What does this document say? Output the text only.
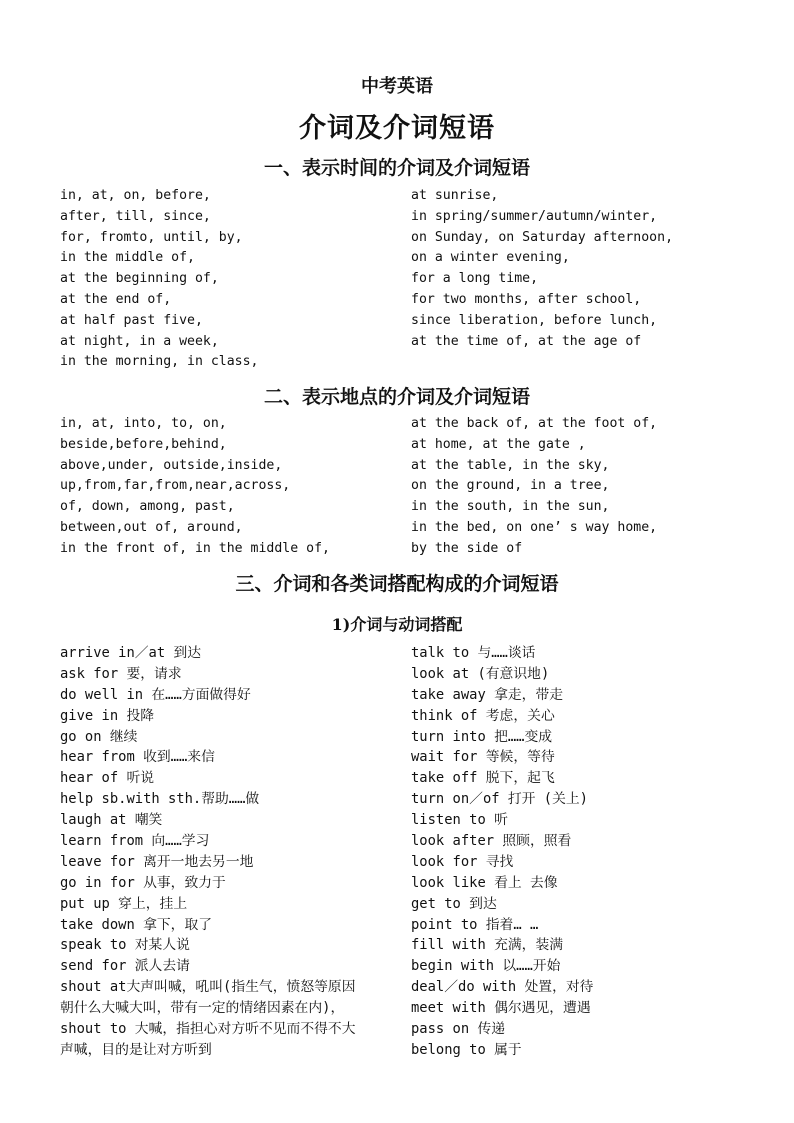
中考英语
介词及介词短语
一、表示时间的介词及介词短语
in, at, on, before,
after, till, since,
for, fromto, until, by,
in the middle of,
at the beginning of,
at the end of,
at half past five,
at night, in a week,
in the morning, in class,
at sunrise,
in spring/summer/autumn/winter,
on Sunday, on Saturday afternoon,
on a winter evening,
for a long time,
for two months, after school,
since liberation, before lunch,
at the time of, at the age of
二、表示地点的介词及介词短语
in, at, into, to, on,
beside,before,behind,
above,under, outside,inside,
up,from,far,from,near,across,
of, down, among, past,
between,out of, around,
in the front of, in the middle of,
at the back of, at the foot of,
at home, at the gate ,
at the table, in the sky,
on the ground, in a tree,
in the south, in the sun,
in the bed, on one’ s way home,
by the side of
三、介词和各类词搭配构成的介词短语
1)介词与动词搭配
arrive in／at 到达
ask for 要，请求
do well in 在……方面做得好
give in 投降
go on 继续
hear from 收到……来信
hear of 听说
help sb.with sth.帮助……做
laugh at 嘲笑
learn from 向……学习
leave for 离开一地去另一地
go in for 从事，致力于
put up 穿上，挂上
take down 拿下，取了
speak to 对某人说
send for 派人去请
shout at大声叫喊，吼叫(指生气，愤怒等原因
朝什么大喊大叫，带有一定的情绪因素在内)，
shout to 大喊，指担心对方听不见而不得不大
声喊，目的是让对方听到
talk to 与……谈话
look at (有意识地)
take away 拿走，带走
think of 考虑，关心
turn into 把……变成
wait for 等候，等待
take off 脱下，起飞
turn on／of 打开 (关上)
listen to 听
look after 照顾，照看
look for 寻找
look like 看上 去像
get to 到达
point to 指着… …
fill with 充满，装满
begin with 以……开始
deal／do with 处置，对待
meet with 偶尔遇见，遭遇
pass on 传递
belong to 属于
